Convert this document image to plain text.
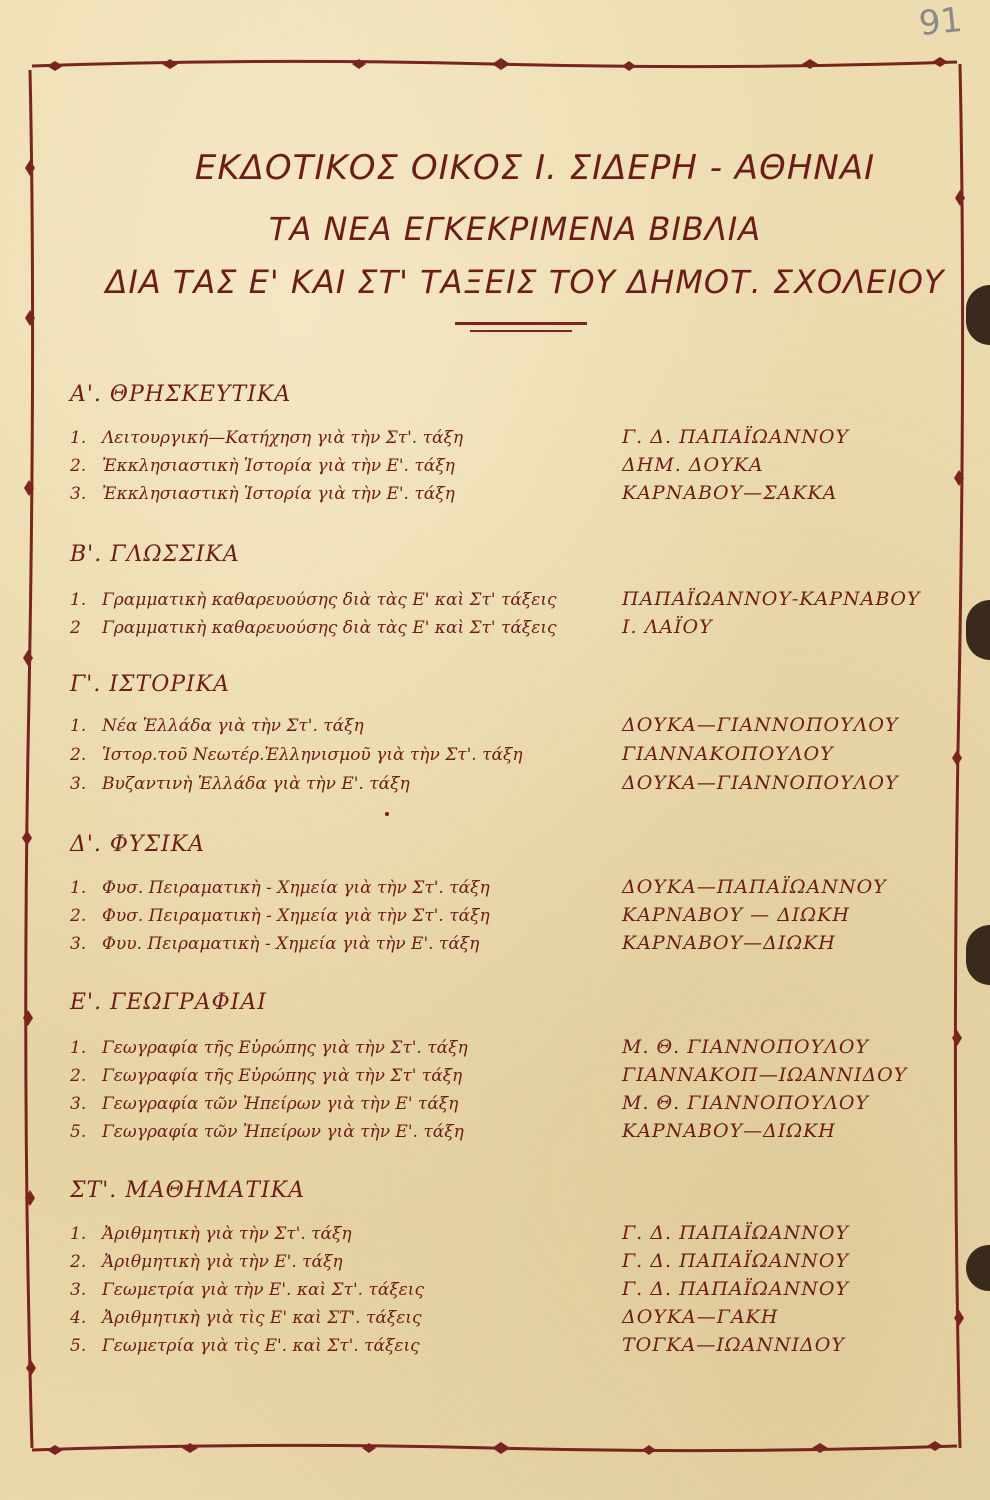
91
ΕΚΔΟΤΙΚΟΣ ΟΙΚΟΣ Ι. ΣΙΔΕΡΗ - ΑΘΗΝΑΙ
ΤΑ ΝΕΑ ΕΓΚΕΚΡΙΜΕΝΑ ΒΙΒΛΙΑ
ΔΙΑ ΤΑΣ Ε' ΚΑΙ ΣΤ' ΤΑΞΕΙΣ ΤΟΥ ΔΗΜΟΤ. ΣΧΟΛΕΙΟΥ
Α'. ΘΡΗΣΚΕΥΤΙΚΑ
1. Λειτουργική—Κατήχηση γιὰ τὴν Στ'. τάξη	Γ. Δ. ΠΑΠΑΪΩΑΝΝΟΥ
2. Ἐκκλησιαστικὴ Ἱστορία γιὰ τὴν Ε'. τάξη	ΔΗΜ. ΔΟΥΚΑ
3. Ἐκκλησιαστικὴ Ἱστορία γιὰ τὴν Ε'. τάξη	ΚΑΡΝΑΒΟΥ—ΣΑΚΚΑ
Β'. ΓΛΩΣΣΙΚΑ
1. Γραμματικὴ καθαρευούσης διὰ τὰς Ε' καὶ Στ' τάξεις	ΠΑΠΑΪΩΑΝΝΟΥ-ΚΑΡΝΑΒΟΥ
2 Γραμματικὴ καθαρευούσης διὰ τὰς Ε' καὶ Στ' τάξεις	Ι. ΛΑΪΟΥ
Γ'. ΙΣΤΟΡΙΚΑ
1. Νέα Ἑλλάδα γιὰ τὴν Στ'. τάξη	ΔΟΥΚΑ—ΓΙΑΝΝΟΠΟΥΛΟΥ
2. Ἱστορ.τοῦ Νεωτέρ.Ἑλληνισμοῦ γιὰ τὴν Στ'. τάξη	ΓΙΑΝΝΑΚΟΠΟΥΛΟΥ
3. Βυζαντινὴ Ἑλλάδα γιὰ τὴν Ε'. τάξη	ΔΟΥΚΑ—ΓΙΑΝΝΟΠΟΥΛΟΥ
Δ'. ΦΥΣΙΚΑ
1. Φυσ. Πειραματικὴ - Χημεία γιὰ τὴν Στ'. τάξη	ΔΟΥΚΑ—ΠΑΠΑΪΩΑΝΝΟΥ
2. Φυσ. Πειραματικὴ - Χημεία γιὰ τὴν Στ'. τάξη	ΚΑΡΝΑΒΟΥ — ΔΙΩΚΗ
3. Φυυ. Πειραματικὴ - Χημεία γιὰ τὴν Ε'. τάξη	ΚΑΡΝΑΒΟΥ—ΔΙΩΚΗ
Ε'. ΓΕΩΓΡΑΦΙΑΙ
1. Γεωγραφία τῆς Εὐρώπης γιὰ τὴν Στ'. τάξη	Μ. Θ. ΓΙΑΝΝΟΠΟΥΛΟΥ
2. Γεωγραφία τῆς Εὐρώπης γιὰ τὴν Στ' τάξη	ΓΙΑΝΝΑΚΟΠ—ΙΩΑΝΝΙΔΟΥ
3. Γεωγραφία τῶν Ἠπείρων γιὰ τὴν Ε' τάξη	Μ. Θ. ΓΙΑΝΝΟΠΟΥΛΟΥ
5. Γεωγραφία τῶν Ἠπείρων γιὰ τὴν Ε'. τάξη	ΚΑΡΝΑΒΟΥ—ΔΙΩΚΗ
ΣΤ'. ΜΑΘΗΜΑΤΙΚΑ
1. Ἀριθμητικὴ γιὰ τὴν Στ'. τάξη	Γ. Δ. ΠΑΠΑΪΩΑΝΝΟΥ
2. Ἀριθμητικὴ γιὰ τὴν Ε'. τάξη	Γ. Δ. ΠΑΠΑΪΩΑΝΝΟΥ
3. Γεωμετρία γιὰ τὴν Ε'. καὶ Στ'. τάξεις	Γ. Δ. ΠΑΠΑΪΩΑΝΝΟΥ
4. Ἀριθμητικὴ γιὰ τὶς Ε' καὶ ΣΤ'. τάξεις	ΔΟΥΚΑ—ΓΑΚΗ
5. Γεωμετρία γιὰ τὶς Ε'. καὶ Στ'. τάξεις	ΤΟΓΚΑ—ΙΩΑΝΝΙΔΟΥ
